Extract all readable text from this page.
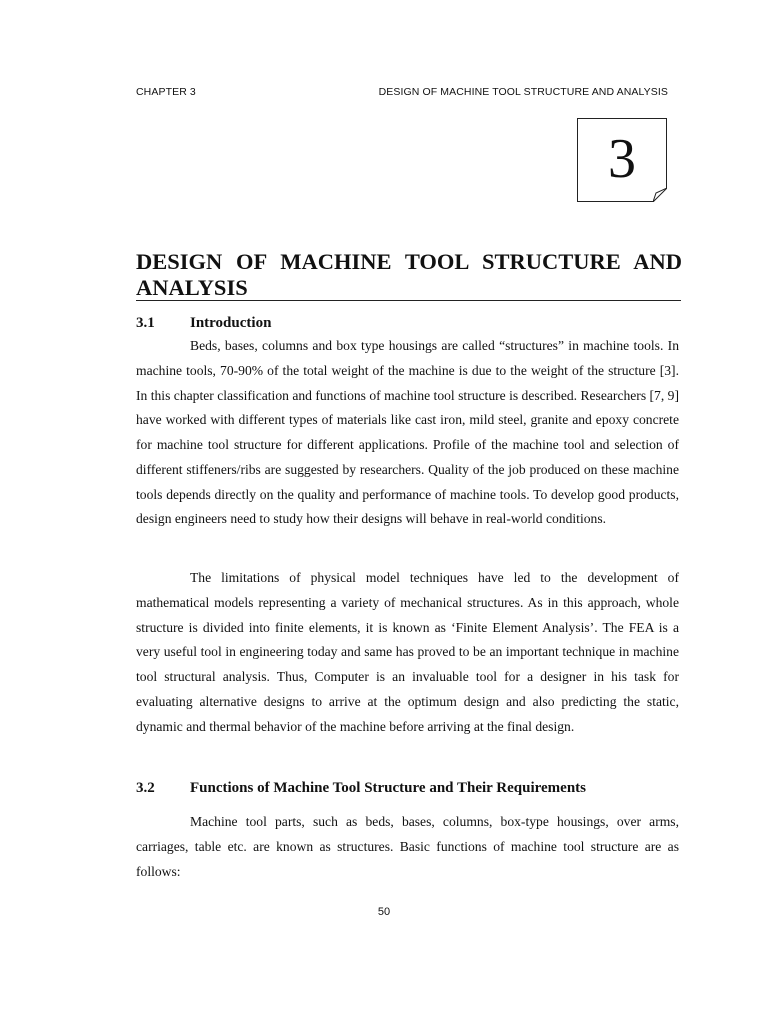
CHAPTER 3	DESIGN OF MACHINE TOOL STRUCTURE AND ANALYSIS
3
DESIGN OF MACHINE TOOL STRUCTURE AND ANALYSIS
3.1 Introduction

Beds, bases, columns and box type housings are called “structures” in machine tools. In machine tools, 70-90% of the total weight of the machine is due to the weight of the structure [3]. In this chapter classification and functions of machine tool structure is described. Researchers [7, 9] have worked with different types of materials like cast iron, mild steel, granite and epoxy concrete for machine tool structure for different applications. Profile of the machine tool and selection of different stiffeners/ribs are suggested by researchers. Quality of the job produced on these machine tools depends directly on the quality and performance of machine tools. To develop good products, design engineers need to study how their designs will behave in real-world conditions.

The limitations of physical model techniques have led to the development of mathematical models representing a variety of mechanical structures. As in this approach, whole structure is divided into finite elements, it is known as ‘Finite Element Analysis’. The FEA is a very useful tool in engineering today and same has proved to be an important technique in machine tool structural analysis. Thus, Computer is an invaluable tool for a designer in his task for evaluating alternative designs to arrive at the optimum design and also predicting the static, dynamic and thermal behavior of the machine before arriving at the final design.

3.2 Functions of Machine Tool Structure and Their Requirements

Machine tool parts, such as beds, bases, columns, box-type housings, over arms, carriages, table etc. are known as structures. Basic functions of machine tool structure are as follows:

50
